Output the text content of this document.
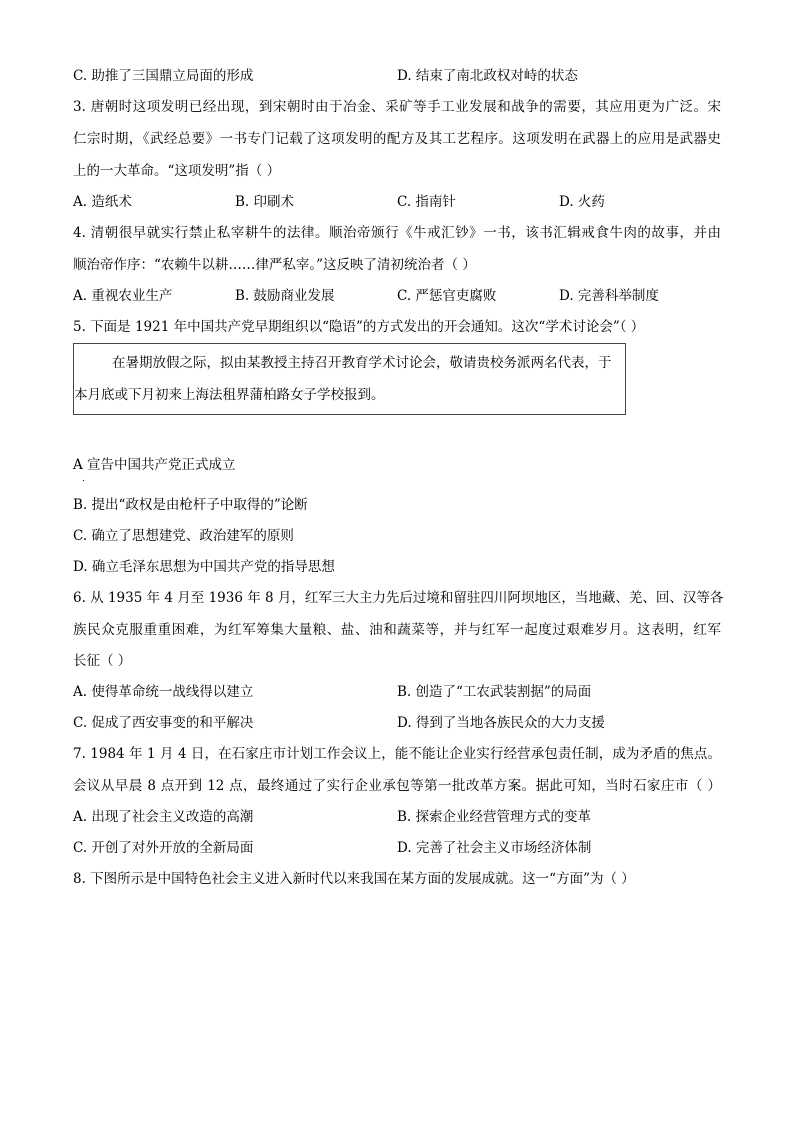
C. 助推了三国鼎立局面的形成	D. 结束了南北政权对峙的状态
3. 唐朝时这项发明已经出现，到宋朝时由于冶金、采矿等手工业发展和战争的需要，其应用更为广泛。宋
仁宗时期，《武经总要》一书专门记载了这项发明的配方及其工艺程序。这项发明在武器上的应用是武器史
上的一大革命。“这项发明”指（ ）
A. 造纸术	B. 印刷术	C. 指南针	D. 火药
4. 清朝很早就实行禁止私宰耕牛的法律。顺治帝颁行《牛戒汇钞》一书，该书汇辑戒食牛肉的故事，并由
顺治帝作序：“农赖牛以耕……律严私宰。”这反映了清初统治者（ ）
A. 重视农业生产	B. 鼓励商业发展	C. 严惩官吏腐败	D. 完善科举制度
5. 下面是 1921 年中国共产党早期组织以“隐语”的方式发出的开会通知。这次“学术讨论会”（ ）
在暑期放假之际，拟由某教授主持召开教育学术讨论会，敬请贵校务派两名代表，于
本月底或下月初来上海法租界蒲柏路女子学校报到。
A 宣告中国共产党正式成立
.
B. 提出“政权是由枪杆子中取得的”论断
C. 确立了思想建党、政治建军的原则
D. 确立毛泽东思想为中国共产党的指导思想
6. 从 1935 年 4 月至 1936 年 8 月，红军三大主力先后过境和留驻四川阿坝地区，当地藏、羌、回、汉等各
族民众克服重重困难，为红军筹集大量粮、盐、油和蔬菜等，并与红军一起度过艰难岁月。这表明，红军
长征（ ）
A. 使得革命统一战线得以建立	B. 创造了“工农武装割据”的局面
C. 促成了西安事变的和平解决	D. 得到了当地各族民众的大力支援
7. 1984 年 1 月 4 日，在石家庄市计划工作会议上，能不能让企业实行经营承包责任制，成为矛盾的焦点。
会议从早晨 8 点开到 12 点，最终通过了实行企业承包等第一批改革方案。据此可知，当时石家庄市（ ）
A. 出现了社会主义改造的高潮	B. 探索企业经营管理方式的变革
C. 开创了对外开放的全新局面	D. 完善了社会主义市场经济体制
8. 下图所示是中国特色社会主义进入新时代以来我国在某方面的发展成就。这一“方面”为（ ）
